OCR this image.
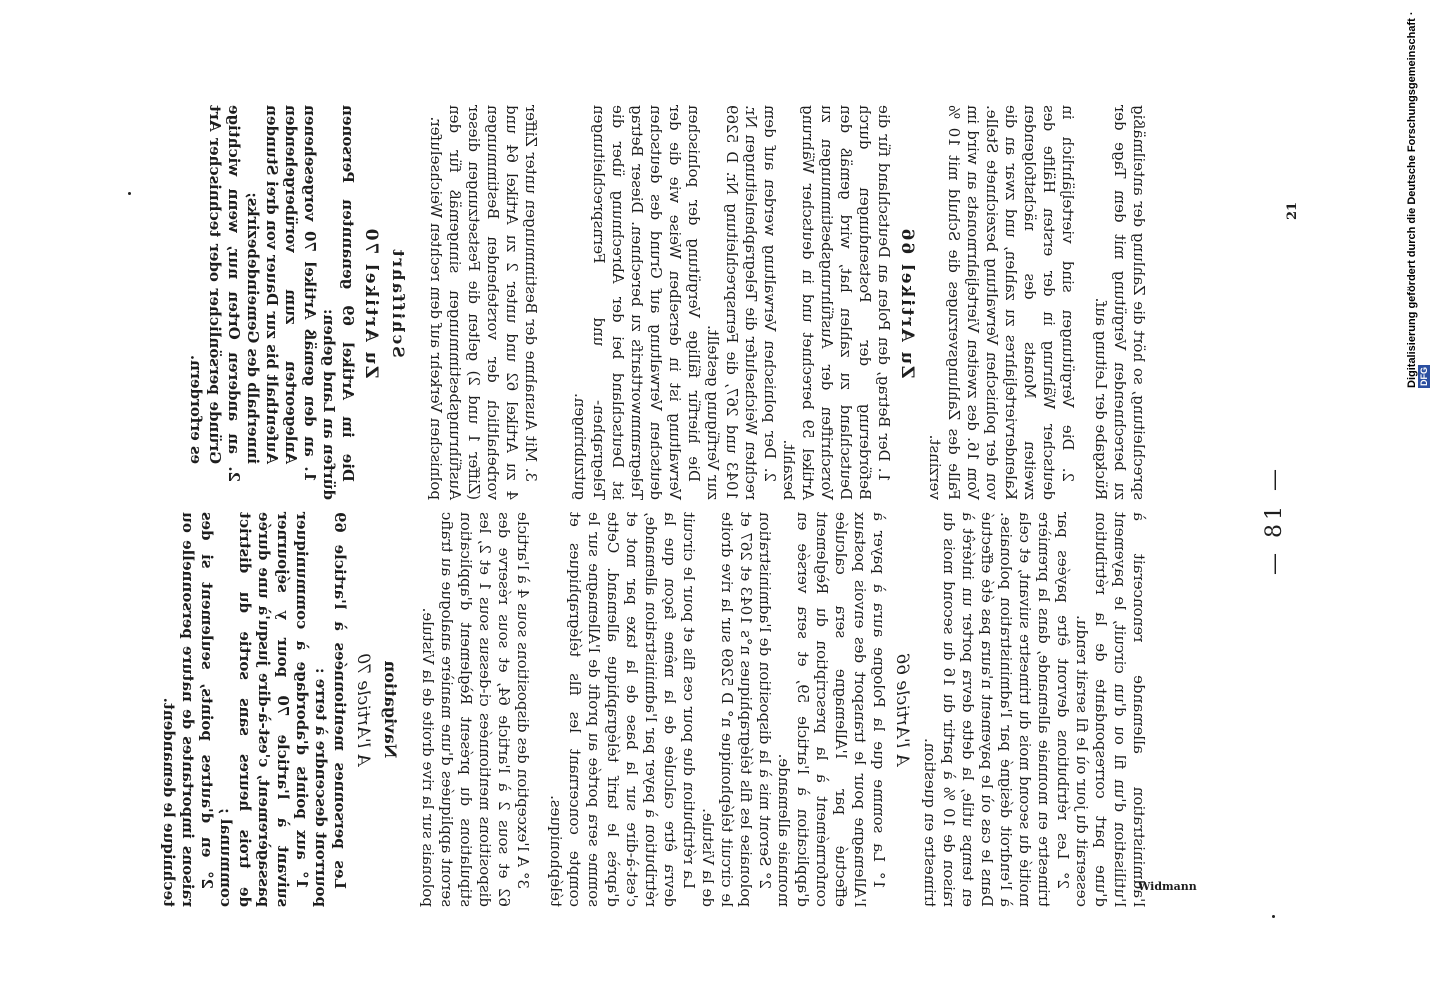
— 81 —

l'administration allemande renoncerait à l'utilisation d'un fil ou d'un circuit, le payement d'une part correspondante de la rétribution cesserait du jour où le fil serait rendu.

2° Les rétributions devront être payées par trimestre en monnaie allemande, dans la première moitié du second mois du trimestre suivant, et cela à l'endroit désigné par l'administration polonaise. Dans le cas où le payement n'aura pas été effectué en temps utile, la dette devra porter un intérêt à raison de 10 % à partir du 16 du second mois du trimestre en question.

A l'Article 66

1° La somme que la Pologne aura à payer à l'Allemagne pour le transport des envois postaux effectué par l'Allemagne sera calculée conformément à la prescription du Règlement d'application à l'article 59, et sera versée en monnaie allemande.

2° Seront mis à la disposition de l'administration polonaise les fils télégraphiques n°s 1043 et 267 et le circuit téléphonique n° D 5269 sur la rive droite de la Vistule.

La rétribution due pour ces fils et pour le circuit devra être calculée de la même façon que la rétribution à payer par l'administration allemande, c'est-à-dire sur la base de la taxe par mot et d'après le tarif télégraphique allemand. Cette somme sera portée au profit de l'Allemagne sur le compte concernant les fils télégraphiques et téléphoniques.

3° A l'exception des dispositions sous 4 à l'article 62 et sous 2 à l'article 64, et sous réserve des dispositions mentionnées ci-dessus sous 1 et 2, les stipulations du présent Règlement d'application seront appliquées d'une manière analogue au trafic polonais sur la rive droite de la Vistule.

Navigation
A l'Article 70

Les personnes mentionnées à l'article 69 pourront descendre à terre :

1° aux points d'abordage à communiquer suivant à l'article 70 pour y séjourner passagèrement, c'est-à-dire jusqu'à une durée de trois heures sans sortie du district communal ;

2° en d'autres points, seulement si des raisons importantes de nature personnelle ou technique le demandent.

sprechleitung, so hört die Zahlung der anteilmäßig zu berechnenden Vergütung mit dem Tage der Rückgabe der Leitung auf.

2. Die Vergütungen sind vierteljährlich in deutscher Währung in der ersten Hälfte des zweiten Monats des nächstfolgenden Kalendervierteljahres zu zahlen, und zwar an die von der polnischen Verwaltung bezeichnete Stelle. Vom 16. des zweiten Vierteljahrmonats an wird im Falle des Zahlungsverzuges die Schuld mit 10 % verzinst.

Zu Artikel 66

1. Der Betrag, den Polen an Deutschland für die Beförderung der Postsendungen durch Deutschland zu zahlen hat, wird gemäß den Vorschriften der Ausführungsbestimmungen zu Artikel 59 berechnet und in deutscher Währung bezahlt.

2. Der polnischen Verwaltung werden auf dem rechten Weichselufer die Telegraphenleitungen Nr. 1043 und 267, die Fernsprechleitung Nr. D 5269 zur Verfügung gestellt.

Die hierfür fällige Vergütung der polnischen Verwaltung ist in derselben Weise wie die der deutschen Verwaltung auf Grund des deutschen Telegrammworttarifs zu berechnen. Dieser Betrag ist Deutschland bei der Abrechnung über die Telegraphen- und Fernsprechleitungen gutzubringen.

3. Mit Ausnahme der Bestimmungen unter Ziffer 4 zu Artikel 62 und unter 2 zu Artikel 64 und vorbehaltlich der vorstehenden Bestimmungen (Ziffer 1 und 2) gelten die Festsetzungen dieser Ausführungsbestimmungen sinngemäß für den polnischen Verkehr auf dem rechten Weichselufer.

Schiffahrt
Zu Artikel 70

Die im Artikel 69 genannten Personen dürfen an Land gehen:

1. an den gemäß Artikel 70 vorgesehenen Anlegeorten zum vorübergehenden Aufenthalt bis zur Dauer von drei Stunden innerhalb des Gemeindebezirks;

2. an anderen Orten nur, wenn wichtige Gründe persönlicher oder technischer Art es erfordern.

Widmann
21	Digitalisierung gefördert durch die Deutsche Forschungsgemeinschaft · DFG
